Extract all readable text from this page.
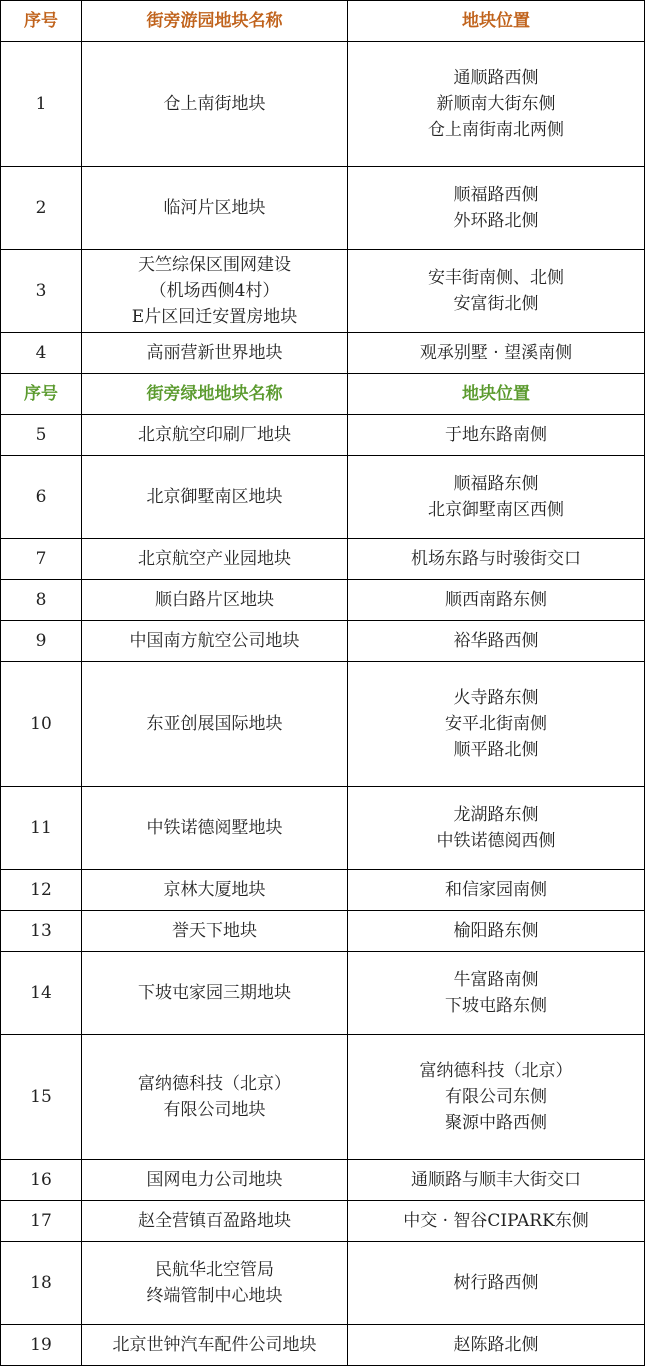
序号	街旁游园地块名称	地块位置
1	仓上南街地块	通顺路西侧
新顺南大街东侧
仓上南街南北两侧

2	临河片区地块	顺福路西侧
外环路北侧

3	天竺综保区围网建设
（机场西侧4村）
E片区回迁安置房地块	安丰街南侧、北侧
安富街北侧

4	高丽营新世界地块	观承别墅 · 望溪南侧

序号	街旁绿地地块名称	地块位置
5	北京航空印刷厂地块	于地东路南侧

6	北京御墅南区地块	顺福路东侧
北京御墅南区西侧

7	北京航空产业园地块	机场东路与时骏街交口

8	顺白路片区地块	顺西南路东侧

9	中国南方航空公司地块	裕华路西侧

10	东亚创展国际地块	火寺路东侧
安平北街南侧
顺平路北侧

11	中铁诺德阅墅地块	龙湖路东侧
中铁诺德阅西侧

12	京林大厦地块	和信家园南侧

13	誉天下地块	榆阳路东侧

14	下坡屯家园三期地块	牛富路南侧
下坡屯路东侧

15	富纳德科技（北京）
有限公司地块	富纳德科技（北京）
有限公司东侧
聚源中路西侧

16	国网电力公司地块	通顺路与顺丰大街交口

17	赵全营镇百盈路地块	中交 · 智谷CIPARK东侧

18	民航华北空管局
终端管制中心地块	树行路西侧

19	北京世钟汽车配件公司地块	赵陈路北侧
